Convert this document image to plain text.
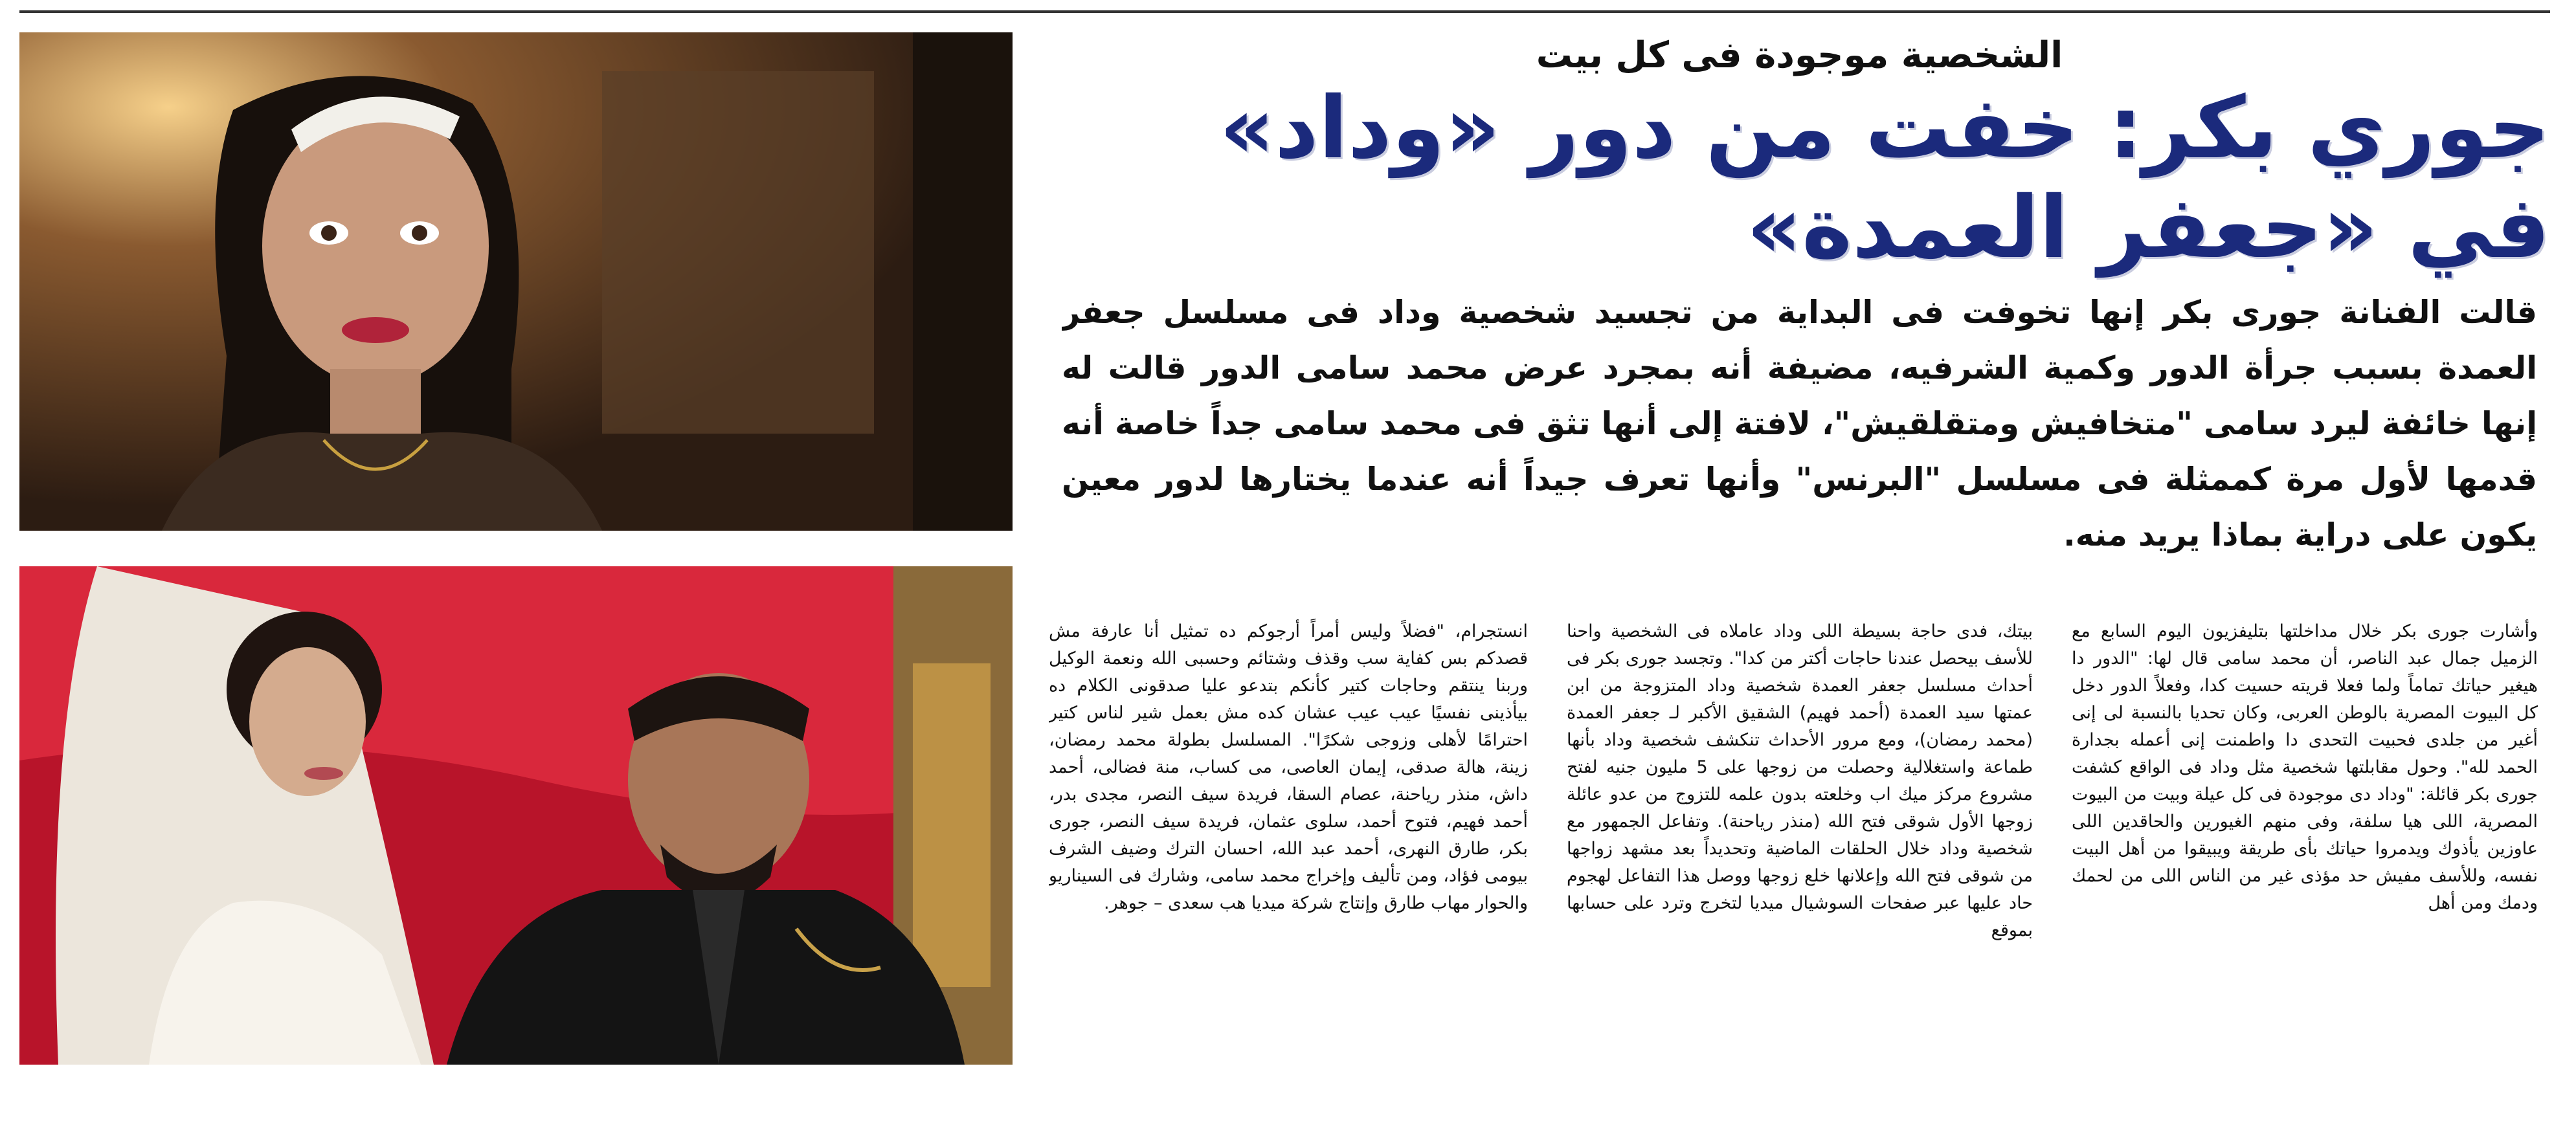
الشخصية موجودة فى كل بيت
جوري بكر: خفت من دور «وداد» في «جعفر العمدة»

قالت الفنانة جورى بكر إنها تخوفت فى البداية من تجسيد شخصية وداد فى مسلسل جعفر العمدة بسبب جرأة الدور وكمية الشرفيه، مضيفة أنه بمجرد عرض محمد سامى الدور قالت له إنها خائفة ليرد سامى "متخافيش ومتقلقيش"، لافتة إلى أنها تثق فى محمد سامى جداً خاصة أنه قدمها لأول مرة كممثلة فى مسلسل "البرنس" وأنها تعرف جيداً أنه عندما يختارها لدور معين يكون على دراية بماذا يريد منه.

وأشارت جورى بكر خلال مداخلتها بتليفزيون اليوم السابع مع الزميل جمال عبد الناصر، أن محمد سامى قال لها: "الدور دا هيغير حياتك تماماً ولما فعلا قريته حسيت كدا، وفعلاً الدور دخل كل البيوت المصرية بالوطن العربى، وكان تحديا بالنسبة لى إنى أغير من جلدى فحبيت التحدى دا واطمنت إنى أعمله بجدارة الحمد لله". وحول مقابلتها شخصية مثل وداد فى الواقع كشفت جورى بكر قائلة: "وداد دى موجودة فى كل عيلة وبيت من البيوت المصرية، اللى هيا سلفة، وفى منهم الغيورين والحاقدين اللى عاوزين يأذوك ويدمروا حياتك بأى طريقة ويبيقوا من أهل البيت نفسه، وللأسف مفيش حد مؤذى غير من الناس اللى من لحمك ودمك ومن أهل

بيتك، فدى حاجة بسيطة اللى وداد عاملاه فى الشخصية واحنا للأسف بيحصل عندنا حاجات أكتر من كدا". وتجسد جورى بكر فى أحداث مسلسل جعفر العمدة شخصية وداد المتزوجة من ابن عمتها سيد العمدة (أحمد فهيم) الشقيق الأكبر لـ جعفر العمدة (محمد رمضان)، ومع مرور الأحداث تنكشف شخصية وداد بأنها طماعة واستغلالية وحصلت من زوجها على 5 مليون جنيه لفتح مشروع مركز ميك اب وخلعته بدون علمه للتزوج من عدو عائلة زوجها الأول شوقى فتح الله (منذر رياحنة). وتفاعل الجمهور مع شخصية وداد خلال الحلقات الماضية وتحديداً بعد مشهد زواجها من شوقى فتح الله وإعلانها خلع زوجها ووصل هذا التفاعل لهجوم حاد عليها عبر صفحات السوشيال ميديا لتخرج وترد على حسابها بموقع

انستجرام، "فضلاً وليس أمراً أرجوكم ده تمثيل أنا عارفة مش قصدكم بس كفاية سب وقذف وشتائم وحسبى الله ونعمة الوكيل وربنا ينتقم وحاجات كتير كأنكم بتدعو عليا صدقونى الكلام ده بيأذينى نفسيًا عيب عيب عشان كده مش بعمل شير لناس كتير احترامًا لأهلى وزوجى شكرًا". المسلسل بطولة محمد رمضان، زينة، هالة صدقى، إيمان العاصى، مى كساب، منة فضالى، أحمد داش، منذر رياحنة، عصام السقا، فريدة سيف النصر، مجدى بدر، أحمد فهيم، فتوح أحمد، سلوى عثمان، فريدة سيف النصر، جورى بكر، طارق النهرى، أحمد عبد الله، احسان الترك وضيف الشرف بيومى فؤاد، ومن تأليف وإخراج محمد سامى، وشارك فى السيناريو والحوار مهاب طارق وإنتاج شركة ميديا هب سعدى – جوهر.
